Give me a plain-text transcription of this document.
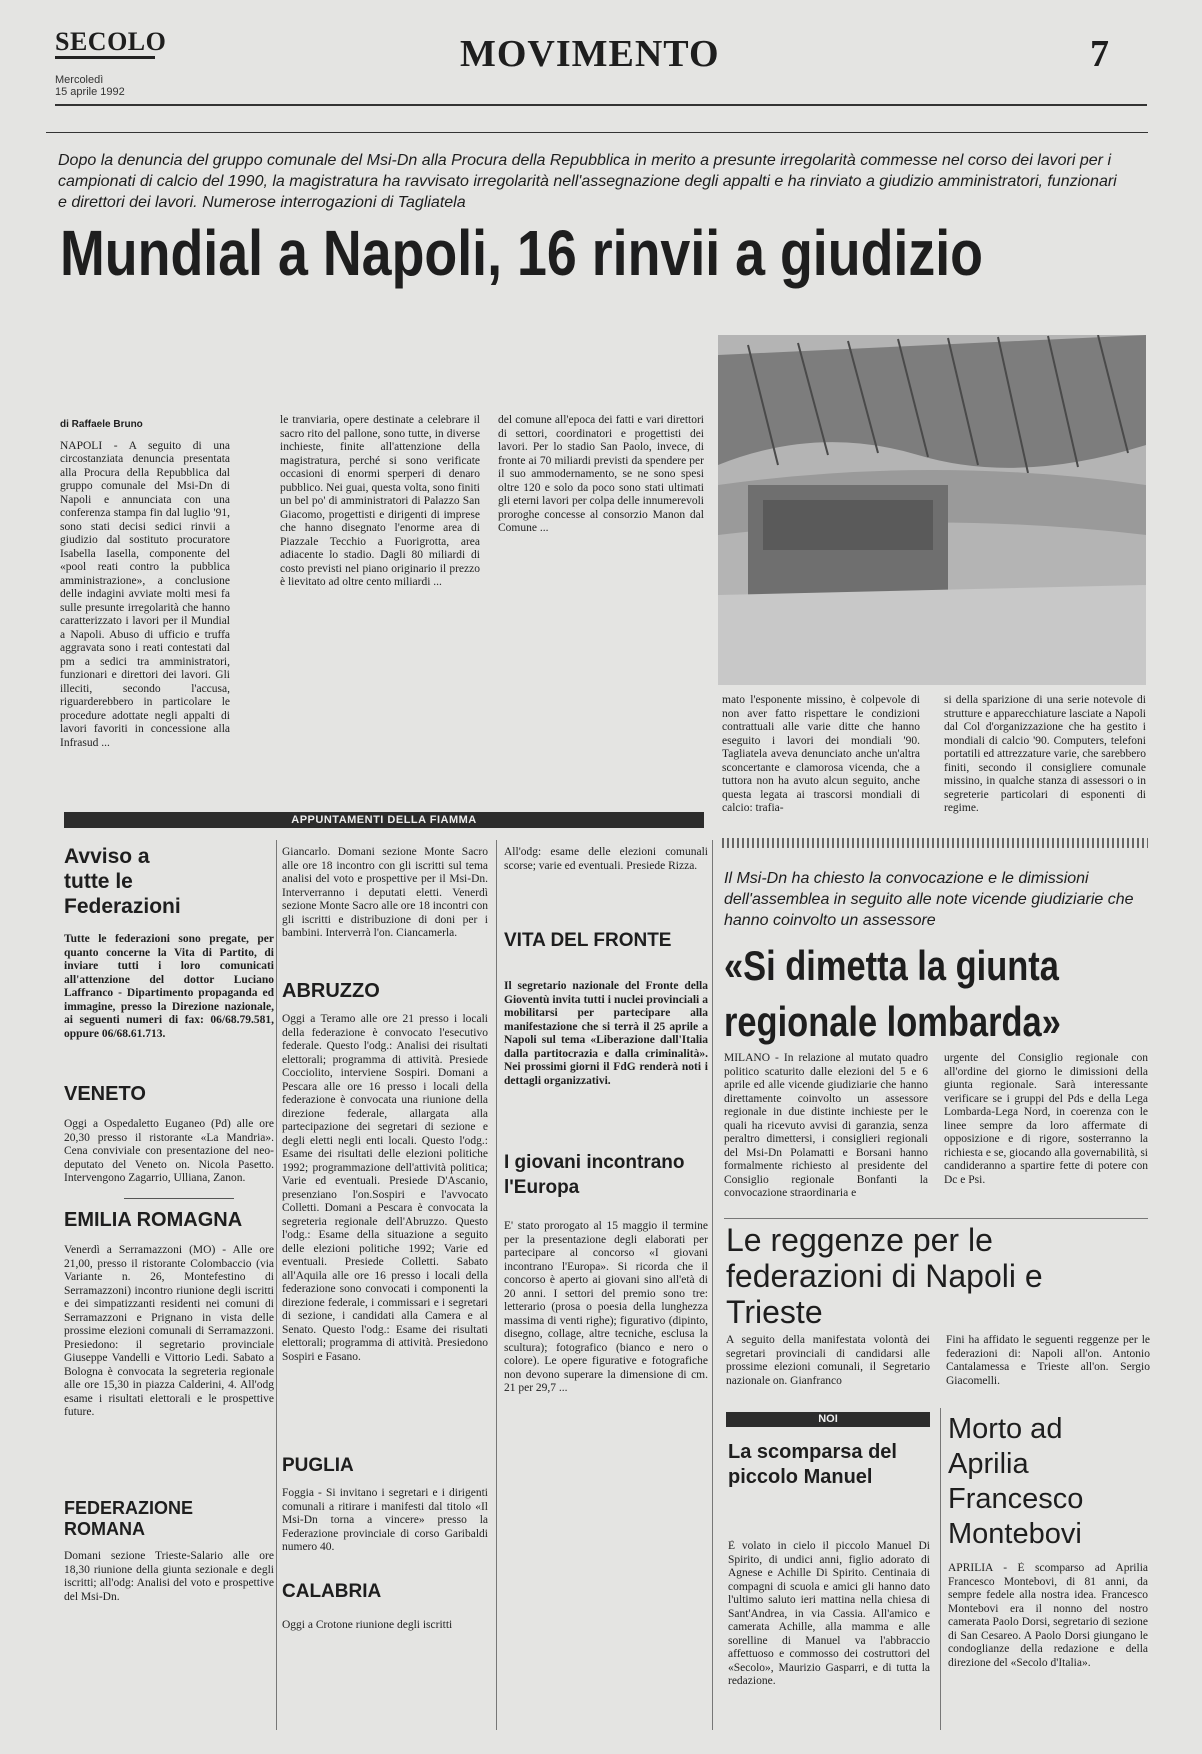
SECOLO
Mercoledì
15 aprile 1992
MOVIMENTO	7
Dopo la denuncia del gruppo comunale del Msi-Dn alla Procura della Repubblica in merito a presunte irregolarità commesse nel corso dei lavori per i campionati di calcio del 1990, la magistratura ha ravvisato irregolarità nell'assegnazione degli appalti e ha rinviato a giudizio amministratori, funzionari e direttori dei lavori. Numerose interrogazioni di Tagliatela
Mundial a Napoli, 16 rinvii a giudizio
di Raffaele Bruno
NAPOLI - A seguito di una circostanziata denuncia presentata alla Procura della Repubblica dal gruppo comunale del Msi-Dn di Napoli e annunciata con una conferenza stampa fin dal luglio '91, sono stati decisi sedici rinvii a giudizio dal sostituto procuratore Isabella Iasella, componente del «pool reati contro la pubblica amministrazione», a conclusione delle indagini avviate molti mesi fa sulle presunte irregolarità che hanno caratterizzato i lavori per il Mundial a Napoli. Abuso di ufficio e truffa aggravata sono i reati contestati dal pm a sedici tra amministratori, funzionari e direttori dei lavori. Gli illeciti, secondo l'accusa, riguarderebbero in particolare le procedure adottate negli appalti di lavori favoriti in concessione alla Infrasud ...
le tranviaria, opere destinate a celebrare il sacro rito del pallone, sono tutte, in diverse inchieste, finite all'attenzione della magistratura, perché si sono verificate occasioni di enormi sperperi di denaro pubblico. Nei guai, questa volta, sono finiti un bel po' di amministratori di Palazzo San Giacomo, progettisti e dirigenti di imprese che hanno disegnato l'enorme area di Piazzale Tecchio a Fuorigrotta, area adiacente lo stadio. Dagli 80 miliardi di costo previsti nel piano originario il prezzo è lievitato ad oltre cento miliardi ...
del comune all'epoca dei fatti e vari direttori di settori, coordinatori e progettisti dei lavori. Per lo stadio San Paolo, invece, di fronte ai 70 miliardi previsti da spendere per il suo ammodernamento, se ne sono spesi oltre 120 e solo da poco sono stati ultimati gli eterni lavori per colpa delle innumerevoli proroghe concesse al consorzio Manon dal Comune ...
mato l'esponente missino, è colpevole di non aver fatto rispettare le condizioni contrattuali alle varie ditte che hanno eseguito i lavori dei mondiali '90. Tagliatela aveva denunciato anche un'altra sconcertante e clamorosa vicenda, che a tuttora non ha avuto alcun seguito, anche questa legata ai trascorsi mondiali di calcio: trafia-
si della sparizione di una serie notevole di strutture e apparecchiature lasciate a Napoli dal Col d'organizzazione che ha gestito i mondiali di calcio '90. Computers, telefoni portatili ed attrezzature varie, che sarebbero finiti, secondo il consigliere comunale missino, in qualche stanza di assessori o in segreterie particolari di esponenti di regime.
APPUNTAMENTI DELLA FIAMMA
Avviso a tutte le Federazioni
Tutte le federazioni sono pregate, per quanto concerne la Vita di Partito, di inviare tutti i loro comunicati all'attenzione del dottor Luciano Laffranco - Dipartimento propaganda ed immagine, presso la Direzione nazionale, ai seguenti numeri di fax: 06/68.79.581, oppure 06/68.61.713.
VENETO
Oggi a Ospedaletto Euganeo (Pd) alle ore 20,30 presso il ristorante «La Mandria». Cena conviviale con presentazione del neo-deputato del Veneto on. Nicola Pasetto. Intervengono Zagarrio, Ulliana, Zanon.
EMILIA ROMAGNA
Venerdì a Serramazzoni (MO) - Alle ore 21,00, presso il ristorante Colombaccio (via Variante n. 26, Montefestino di Serramazzoni) incontro riunione degli iscritti e dei simpatizzanti residenti nei comuni di Serramazzoni e Prignano in vista delle prossime elezioni comunali di Serramazzoni. Presiedono: il segretario provinciale Giuseppe Vandelli e Vittorio Ledi. Sabato a Bologna è convocata la segreteria regionale alle ore 15,30 in piazza Calderini, 4. All'odg esame i risultati elettorali e le prospettive future.
FEDERAZIONE ROMANA
Domani sezione Trieste-Salario alle ore 18,30 riunione della giunta sezionale e degli iscritti; all'odg: Analisi del voto e prospettive del Msi-Dn.
Giancarlo. Domani sezione Monte Sacro alle ore 18 incontro con gli iscritti sul tema analisi del voto e prospettive per il Msi-Dn. Interverranno i deputati eletti. Venerdì sezione Monte Sacro alle ore 18 incontri con gli iscritti e distribuzione di doni per i bambini. Interverrà l'on. Ciancamerla.
ABRUZZO
Oggi a Teramo alle ore 21 presso i locali della federazione è convocato l'esecutivo federale. Questo l'odg.: Analisi dei risultati elettorali; programma di attività. Presiede Cocciolito, interviene Sospiri. Domani a Pescara alle ore 16 presso i locali della federazione è convocata una riunione della direzione federale, allargata alla partecipazione dei segretari di sezione e degli eletti negli enti locali. Questo l'odg.: Esame dei risultati delle elezioni politiche 1992; programmazione dell'attività politica; Varie ed eventuali. Presiede D'Ascanio, presenziano l'on.Sospiri e l'avvocato Colletti. Domani a Pescara è convocata la segreteria regionale dell'Abruzzo. Questo l'odg.: Esame della situazione a seguito delle elezioni politiche 1992; Varie ed eventuali. Presiede Colletti. Sabato all'Aquila alle ore 16 presso i locali della federazione sono convocati i componenti la direzione federale, i commissari e i segretari di sezione, i candidati alla Camera e al Senato. Questo l'odg.: Esame dei risultati elettorali; programma di attività. Presiedono Sospiri e Fasano.
PUGLIA
Foggia - Si invitano i segretari e i dirigenti comunali a ritirare i manifesti dal titolo «Il Msi-Dn torna a vincere» presso la Federazione provinciale di corso Garibaldi numero 40.
CALABRIA
Oggi a Crotone riunione degli iscritti
All'odg: esame delle elezioni comunali scorse; varie ed eventuali. Presiede Rizza.
VITA DEL FRONTE
Il segretario nazionale del Fronte della Gioventù invita tutti i nuclei provinciali a mobilitarsi per partecipare alla manifestazione che si terrà il 25 aprile a Napoli sul tema «Liberazione dall'Italia dalla partitocrazia e dalla criminalità». Nei prossimi giorni il FdG renderà noti i dettagli organizzativi.
I giovani incontrano l'Europa
E' stato prorogato al 15 maggio il termine per la presentazione degli elaborati per partecipare al concorso «I giovani incontrano l'Europa». Si ricorda che il concorso è aperto ai giovani sino all'età di 20 anni. I settori del premio sono tre: letterario (prosa o poesia della lunghezza massima di venti righe); figurativo (dipinto, disegno, collage, altre tecniche, esclusa la scultura); fotografico (bianco e nero o colore). Le opere figurative e fotografiche non devono superare la dimensione di cm. 21 per 29,7 ...
Il Msi-Dn ha chiesto la convocazione e le dimissioni dell'assemblea in seguito alle note vicende giudiziarie che hanno coinvolto un assessore
«Si dimetta la giunta regionale lombarda»
MILANO - In relazione al mutato quadro politico scaturito dalle elezioni del 5 e 6 aprile ed alle vicende giudiziarie che hanno direttamente coinvolto un assessore regionale in due distinte inchieste per le quali ha ricevuto avvisi di garanzia, senza peraltro dimettersi, i consiglieri regionali del Msi-Dn Polamatti e Borsani hanno formalmente richiesto al presidente del Consiglio regionale Bonfanti la convocazione straordinaria e
urgente del Consiglio regionale con all'ordine del giorno le dimissioni della giunta regionale. Sarà interessante verificare se i gruppi del Pds e della Lega Lombarda-Lega Nord, in coerenza con le linee sempre da loro affermate di opposizione e di rigore, sosterranno la richiesta e se, giocando alla governabilità, si candideranno a spartire fette di potere con Dc e Psi.
Le reggenze per le federazioni di Napoli e Trieste
A seguito della manifestata volontà dei segretari provinciali di candidarsi alle prossime elezioni comunali, il Segretario nazionale on. Gianfranco
Fini ha affidato le seguenti reggenze per le federazioni di: Napoli all'on. Antonio Cantalamessa e Trieste all'on. Sergio Giacomelli.
NOI
La scomparsa del piccolo Manuel
È volato in cielo il piccolo Manuel Di Spirito, di undici anni, figlio adorato di Agnese e Achille Di Spirito. Centinaia di compagni di scuola e amici gli hanno dato l'ultimo saluto ieri mattina nella chiesa di Sant'Andrea, in via Cassia. All'amico e camerata Achille, alla mamma e alle sorelline di Manuel va l'abbraccio affettuoso e commosso dei costruttori del «Secolo», Maurizio Gasparri, e di tutta la redazione.
Morto ad Aprilia Francesco Montebovi
APRILIA - È scomparso ad Aprilia Francesco Montebovi, di 81 anni, da sempre fedele alla nostra idea. Francesco Montebovi era il nonno del nostro camerata Paolo Dorsi, segretario di sezione di San Cesareo. A Paolo Dorsi giungano le condoglianze della redazione e della direzione del «Secolo d'Italia».
